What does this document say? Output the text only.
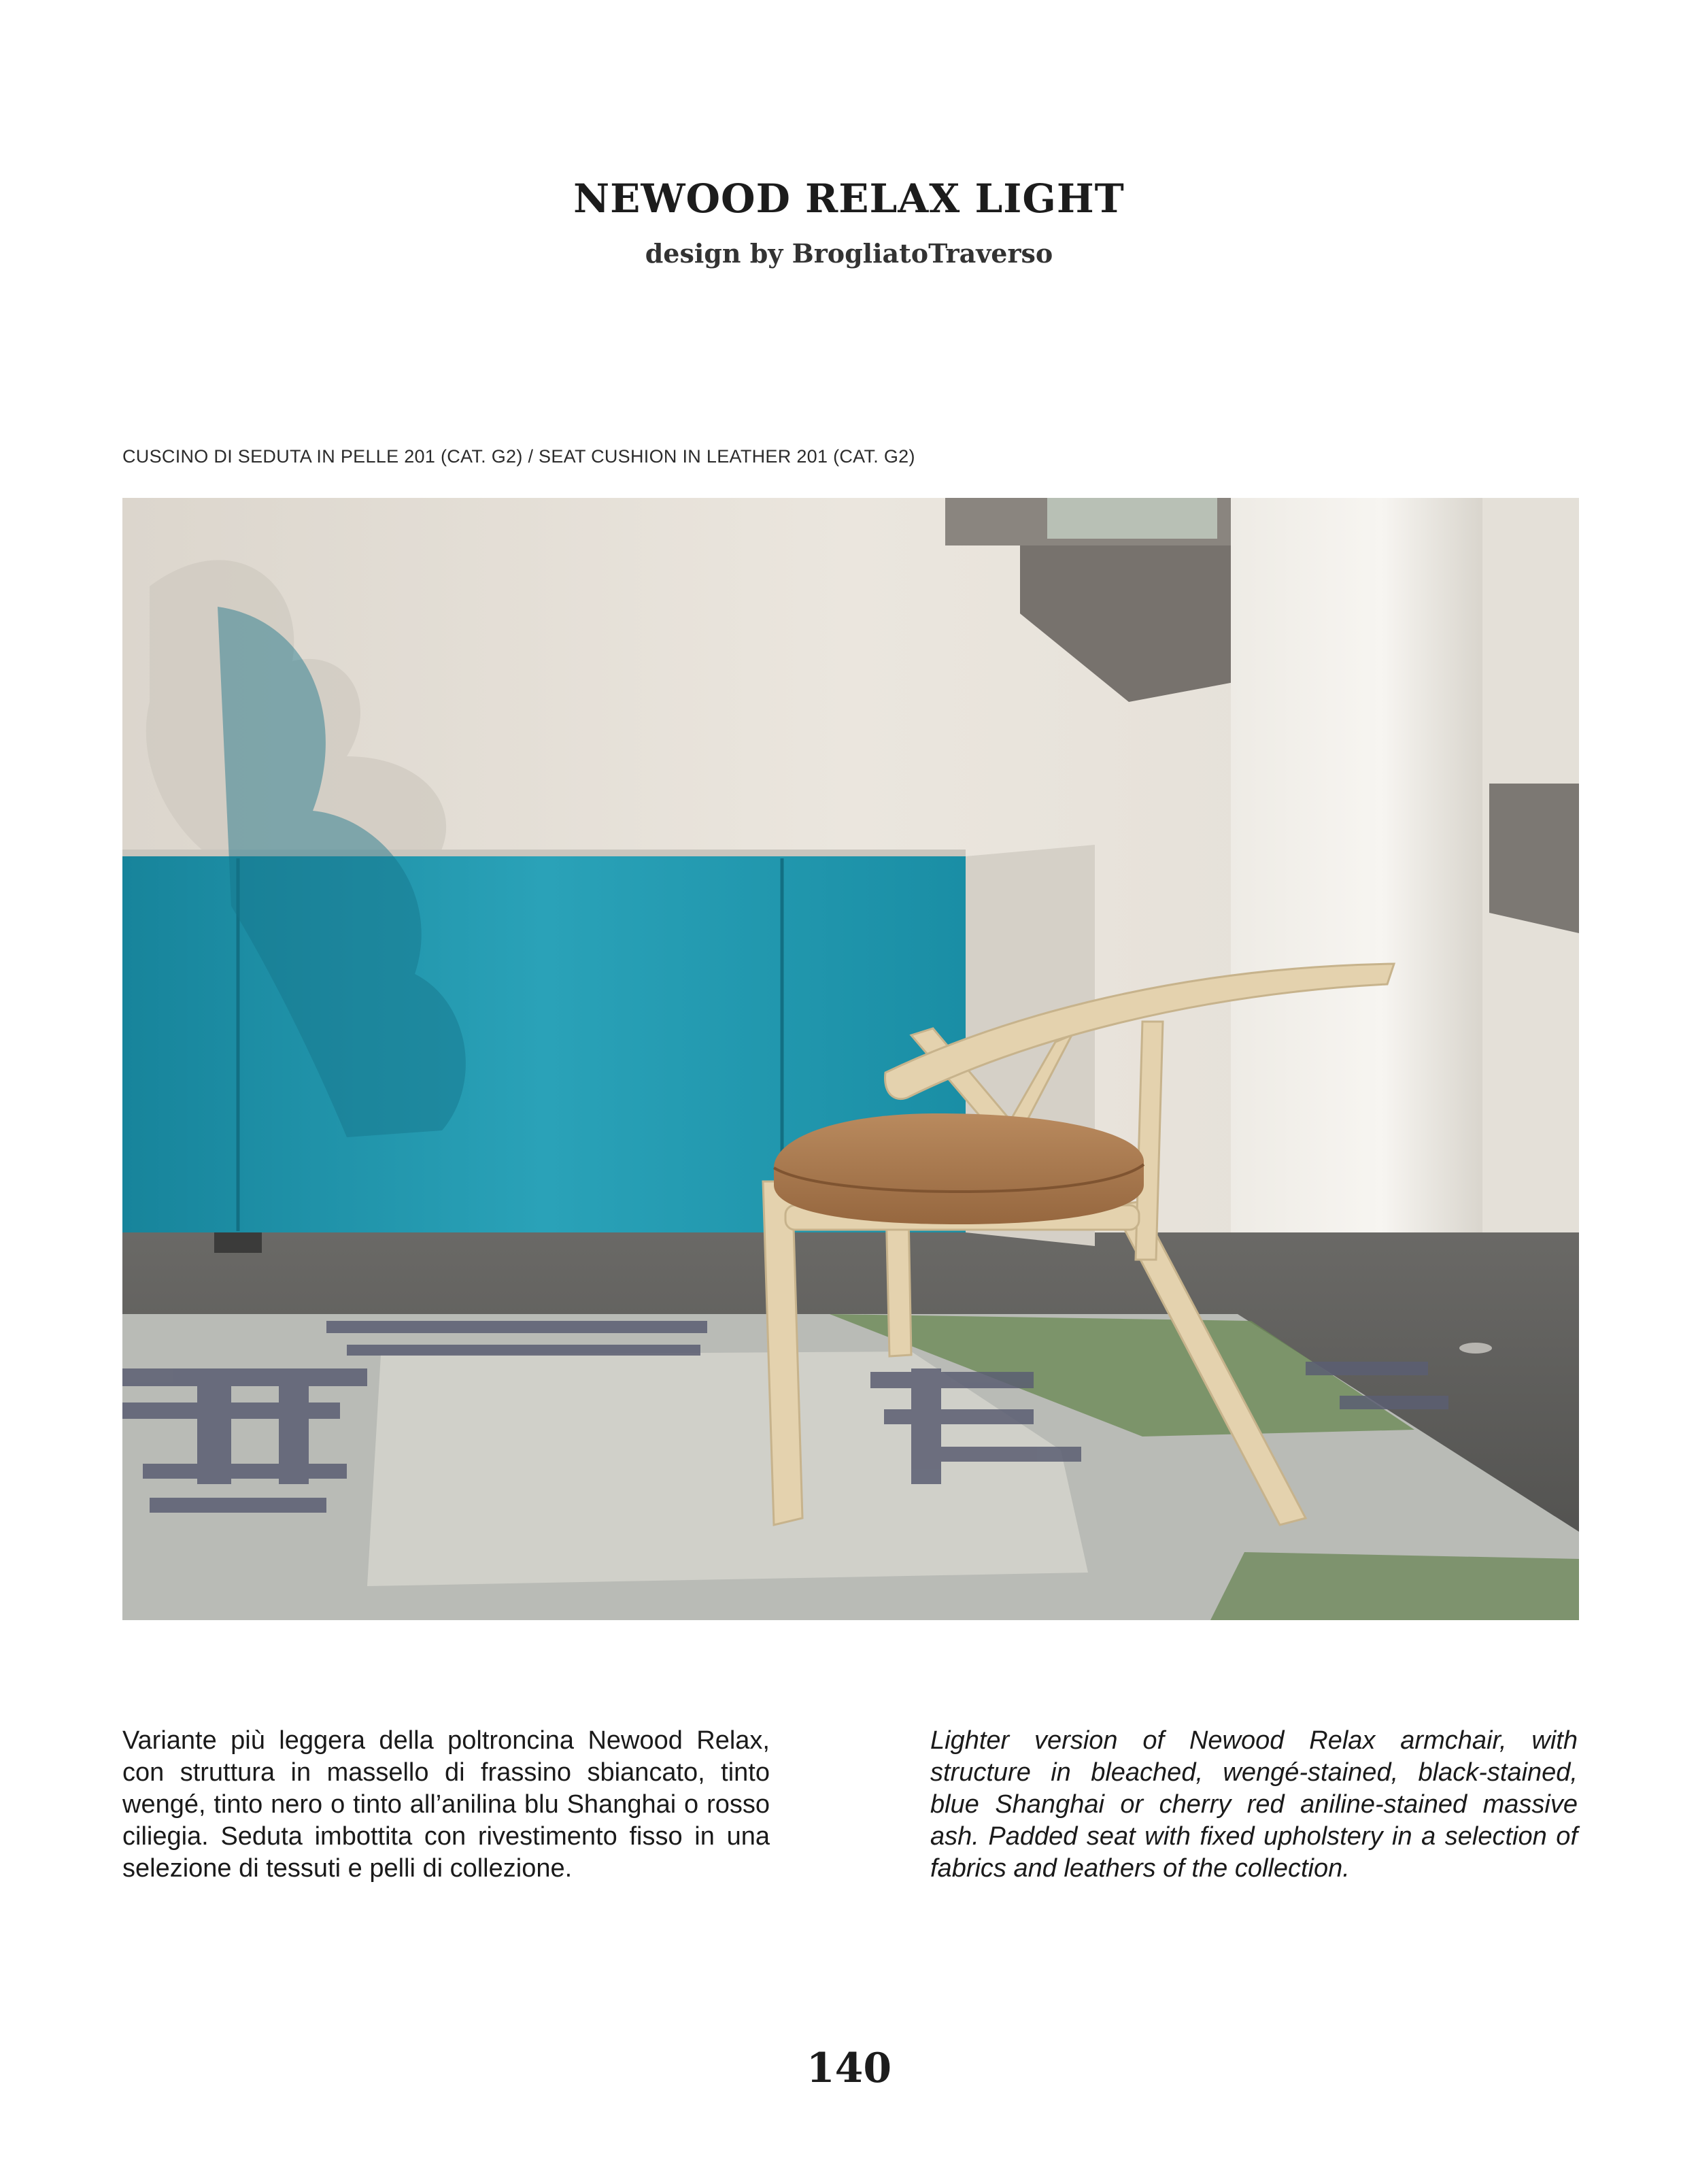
NEWOOD RELAX LIGHT
design by BrogliatoTraverso
CUSCINO DI SEDUTA IN PELLE 201 (CAT. G2) / SEAT CUSHION IN LEATHER 201 (CAT. G2)
Variante più leggera della poltroncina Newood Relax, con struttura in massello di frassino sbiancato, tinto wengé, tinto nero o tinto all’anilina blu Shanghai o rosso ciliegia. Seduta imbottita con rivestimento fisso in una selezione di tessuti e pelli di collezione.
Lighter version of Newood Relax armchair, with structure in bleached, wengé-stained, black-stained, blue Shanghai or cherry red aniline-stained massive ash. Padded seat with fixed upholstery in a selection of fabrics and leathers of the collection.
140
